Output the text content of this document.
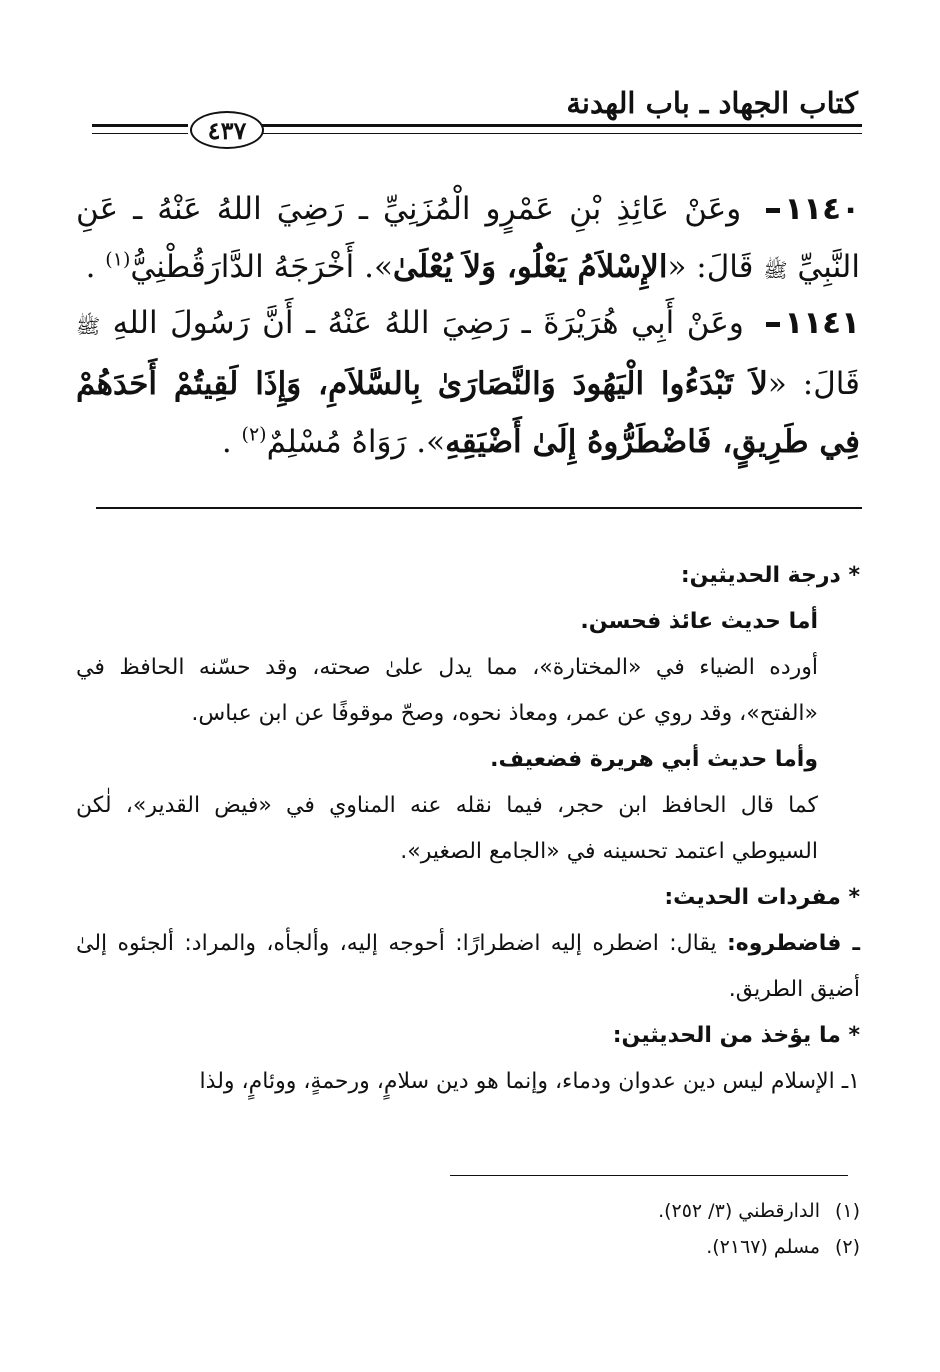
كتاب الجهاد ـ باب الهدنة
٤٣٧
١١٤٠ وعَنْ عَائِذِ بْنِ عَمْرٍو الْمُزَنِيِّ ـ رَضِيَ اللهُ عَنْهُ ـ عَنِ النَّبِيِّ ﷺ قَالَ: «الإِسْلاَمُ يَعْلُو، وَلاَ يُعْلَىٰ». أَخْرَجَهُ الدَّارَقُطْنِيُّ$^{(١)}$ .
١١٤١ وعَنْ أَبِي هُرَيْرَةَ ـ رَضِيَ اللهُ عَنْهُ ـ أَنَّ رَسُولَ اللهِ ﷺ قَالَ: «لاَ تَبْدَءُوا الْيَهُودَ وَالنَّصَارَىٰ بِالسَّلاَمِ، وَإِذَا لَقِيتُمْ أَحَدَهُمْ فِي طَرِيقٍ، فَاضْطَرُّوهُ إِلَىٰ أَضْيَقِهِ». رَوَاهُ مُسْلِمٌ$^{(٢)}$ .
* درجة الحديثين:
أما حديث عائذ فحسن.
أورده الضياء في «المختارة»، مما يدل علىٰ صحته، وقد حسّنه الحافظ في «الفتح»، وقد روي عن عمر، ومعاذ نحوه، وصحّ موقوفًا عن ابن عباس.
وأما حديث أبي هريرة فضعيف.
كما قال الحافظ ابن حجر، فيما نقله عنه المناوي في «فيض القدير»، لٰكن السيوطي اعتمد تحسينه في «الجامع الصغير».
* مفردات الحديث:
ـ فاضطروه: يقال: اضطره إليه اضطرارًا: أحوجه إليه، وألجأه، والمراد: ألجئوه إلىٰ أضيق الطريق.
* ما يؤخذ من الحديثين:
١ـ الإسلام ليس دين عدوان ودماء، وإنما هو دين سلامٍ، ورحمةٍ، ووئامٍ، ولذا
(١)الدارقطني (٣/ ٢٥٢).
(٢)مسلم (٢١٦٧).
